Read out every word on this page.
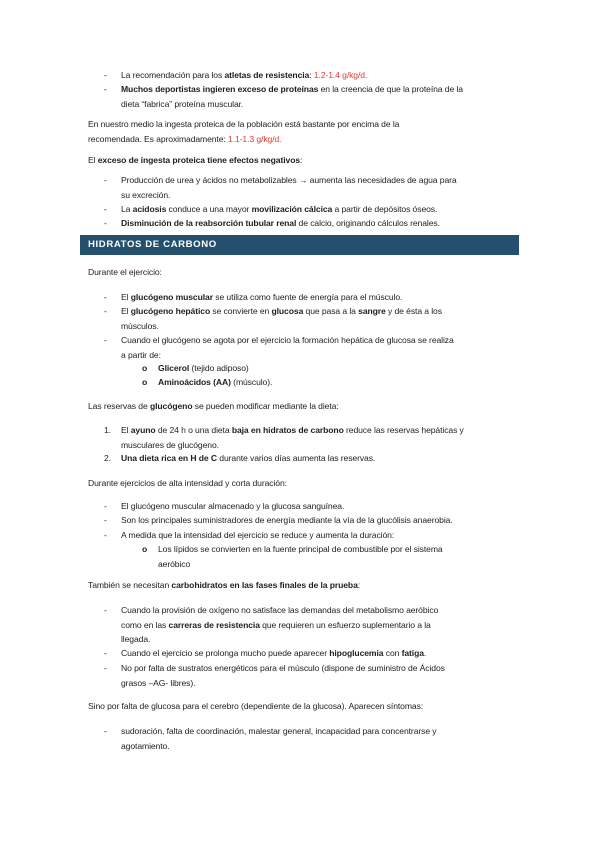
- La recomendación para los atletas de resistencia: 1.2-1.4 g/kg/d.
- Muchos deportistas ingieren exceso de proteínas en la creencia de que la proteína de la
dieta “fabrica” proteína muscular.
En nuestro medio la ingesta proteica de la población está bastante por encima de la
recomendada. Es aproximadamente: 1.1-1.3 g/kg/d.
El exceso de ingesta proteica tiene efectos negativos:
- Producción de urea y ácidos no metabolizables → aumenta las necesidades de agua para
su excreción.
- La acidosis conduce a una mayor movilización cálcica a partir de depósitos óseos.
- Disminución de la reabsorción tubular renal de calcio, originando cálculos renales.
HIDRATOS DE CARBONO
Durante el ejercicio:
- El glucógeno muscular se utiliza como fuente de energía para el músculo.
- El glucógeno hepático se convierte en glucosa que pasa a la sangre y de ésta a los
músculos.
- Cuando el glucógeno se agota por el ejercicio la formación hepática de glucosa se realiza
a partir de:
o Glicerol (tejido adiposo)
o Aminoácidos (AA) (músculo).
Las reservas de glucógeno se pueden modificar mediante la dieta:
1. El ayuno de 24 h o una dieta baja en hidratos de carbono reduce las reservas hepáticas y
musculares de glucógeno.
2. Una dieta rica en H de C durante varios días aumenta las reservas.
Durante ejercicios de alta intensidad y corta duración:
- El glucógeno muscular almacenado y la glucosa sanguínea.
- Son los principales suministradores de energía mediante la vía de la glucólisis anaerobia.
- A medida que la intensidad del ejercicio se reduce y aumenta la duración:
o Los lípidos se convierten en la fuente principal de combustible por el sistema
aeróbico
También se necesitan carbohidratos en las fases finales de la prueba:
- Cuando la provisión de oxígeno no satisface las demandas del metabolismo aeróbico
como en las carreras de resistencia que requieren un esfuerzo suplementario a la
llegada.
- Cuando el ejercicio se prolonga mucho puede aparecer hipoglucemia con fatiga.
- No por falta de sustratos energéticos para el músculo (dispone de suministro de Ácidos
grasos –AG- libres).
Sino por falta de glucosa para el cerebro (dependiente de la glucosa). Aparecen síntomas:
- sudoración, falta de coordinación, malestar general, incapacidad para concentrarse y
agotamiento.
